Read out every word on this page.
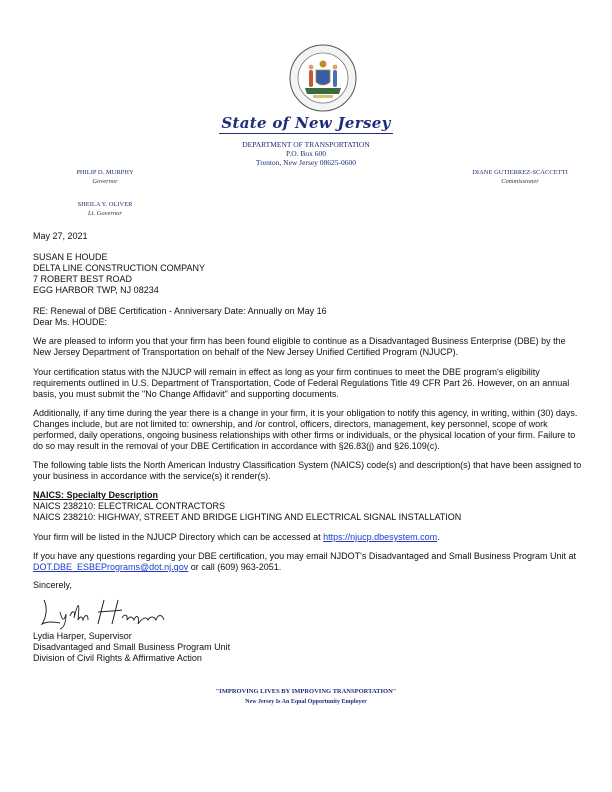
State of New Jersey
DEPARTMENT OF TRANSPORTATION
P.O. Box 600
Trenton, New Jersey 08625-0600
PHILIP D. MURPHY
Governor
DIANE GUTIERREZ-SCACCETTI
Commissioner
SHEILA Y. OLIVER
Lt. Governor
May 27, 2021
SUSAN E HOUDE
DELTA LINE CONSTRUCTION COMPANY
7 ROBERT BEST ROAD
EGG HARBOR TWP, NJ 08234
RE: Renewal of DBE Certification - Anniversary Date: Annually on May 16
Dear Ms. HOUDE:
We are pleased to inform you that your firm has been found eligible to continue as a Disadvantaged Business Enterprise (DBE) by the New Jersey Department of Transportation on behalf of the New Jersey Unified Certified Program (NJUCP).
Your certification status with the NJUCP will remain in effect as long as your firm continues to meet the DBE program's eligibility requirements outlined in U.S. Department of Transportation, Code of Federal Regulations Title 49 CFR Part 26. However, on an annual basis, you must submit the "No Change Affidavit" and supporting documents.
Additionally, if any time during the year there is a change in your firm, it is your obligation to notify this agency, in writing, within (30) days. Changes include, but are not limited to: ownership, and /or control, officers, directors, management, key personnel, scope of work performed, daily operations, ongoing business relationships with other firms or individuals, or the physical location of your firm. Failure to do so may result in the removal of your DBE Certification in accordance with §26.83(j) and §26.109(c).
The following table lists the North American Industry Classification System (NAICS) code(s) and description(s) that have been assigned to your business in accordance with the service(s) it render(s).
NAICS: Specialty Description
NAICS 238210: ELECTRICAL CONTRACTORS
NAICS 238210: HIGHWAY, STREET AND BRIDGE LIGHTING AND ELECTRICAL SIGNAL INSTALLATION
Your firm will be listed in the NJUCP Directory which can be accessed at https://njucp.dbesystem.com.
If you have any questions regarding your DBE certification, you may email NJDOT's Disadvantaged and Small Business Program Unit at DOT.DBE_ESBEPrograms@dot.nj.gov or call (609) 963-2051.
Sincerely,
Lydia Harper, Supervisor
Disadvantaged and Small Business Program Unit
Division of Civil Rights & Affirmative Action
"IMPROVING LIVES BY IMPROVING TRANSPORTATION"
New Jersey Is An Equal Opportunity Employer
